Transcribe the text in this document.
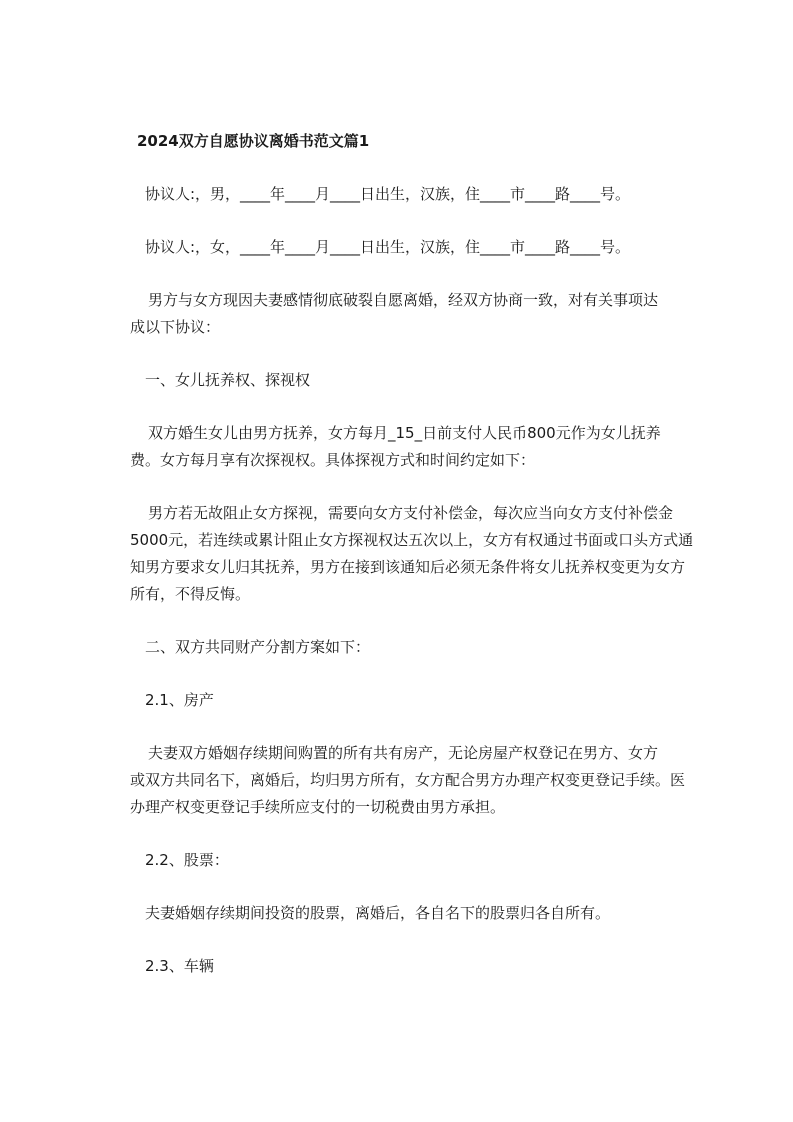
2024双方自愿协议离婚书范文篇1
协议人:，男，____年____月____日出生，汉族，住____市____路____号。
协议人:，女，____年____月____日出生，汉族，住____市____路____号。
男方与女方现因夫妻感情彻底破裂自愿离婚，经双方协商一致，对有关事项达
成以下协议：
一、女儿抚养权、探视权
双方婚生女儿由男方抚养，女方每月_15_日前支付人民币800元作为女儿抚养
费。女方每月享有次探视权。具体探视方式和时间约定如下：
男方若无故阻止女方探视，需要向女方支付补偿金，每次应当向女方支付补偿金
5000元，若连续或累计阻止女方探视权达五次以上，女方有权通过书面或口头方式通
知男方要求女儿归其抚养，男方在接到该通知后必须无条件将女儿抚养权变更为女方
所有，不得反悔。
二、双方共同财产分割方案如下：
2.1、房产
夫妻双方婚姻存续期间购置的所有共有房产，无论房屋产权登记在男方、女方
或双方共同名下，离婚后，均归男方所有，女方配合男方办理产权变更登记手续。医
办理产权变更登记手续所应支付的一切税费由男方承担。
2.2、股票：
夫妻婚姻存续期间投资的股票，离婚后，各自名下的股票归各自所有。
2.3、车辆
